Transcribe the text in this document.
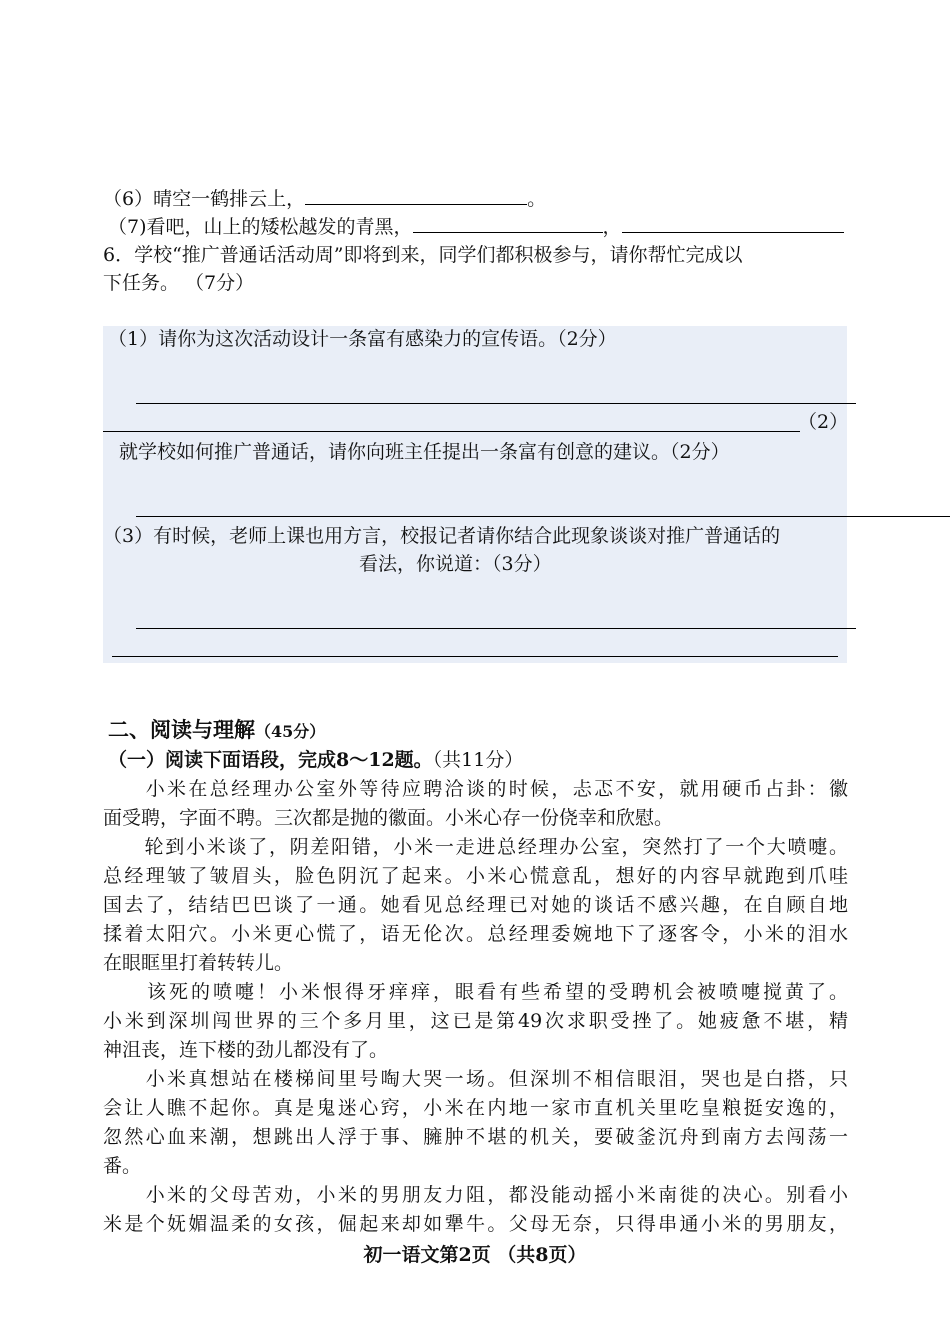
（6）晴空一鹤排云上，	。
（7)看吧，山上的矮松越发的青黑，	，
6．学校“推广普通话活动周”即将到来，同学们都积极参与，请你帮忙完成以
下任务。 （7分）
（1）请你为这次活动设计一条富有感染力的宣传语。（2分）
（2）
就学校如何推广普通话，请你向班主任提出一条富有创意的建议。（2分）
（3）有时候，老师上课也用方言，校报记者请你结合此现象谈谈对推广普通话的
看法，你说道：（3分）
二、阅读与理解（45分）
（一）阅读下面语段，完成8～12题。（共11分）
　　小米在总经理办公室外等待应聘洽谈的时候，忐忑不安，就用硬币占卦：徽
面受聘，字面不聘。三次都是抛的徽面。小米心存一份侥幸和欣慰。
　　轮到小米谈了，阴差阳错，小米一走进总经理办公室，突然打了一个大喷嚏。
总经理皱了皱眉头，脸色阴沉了起来。小米心慌意乱，想好的内容早就跑到爪哇
国去了，结结巴巴谈了一通。她看见总经理已对她的谈话不感兴趣，在自顾自地
揉着太阳穴。小米更心慌了，语无伦次。总经理委婉地下了逐客令，小米的泪水
在眼眶里打着转转儿。
　　该死的喷嚏！小米恨得牙痒痒，眼看有些希望的受聘机会被喷嚏搅黄了。
小米到深圳闯世界的三个多月里，这已是第49次求职受挫了。她疲惫不堪，精
神沮丧，连下楼的劲儿都没有了。
　　小米真想站在楼梯间里号啕大哭一场。但深圳不相信眼泪，哭也是白搭，只
会让人瞧不起你。真是鬼迷心窍，小米在内地一家市直机关里吃皇粮挺安逸的，
忽然心血来潮，想跳出人浮于事、臃肿不堪的机关，要破釜沉舟到南方去闯荡一
番。
　　小米的父母苦劝，小米的男朋友力阻，都没能动摇小米南徙的决心。别看小
米是个妩媚温柔的女孩，倔起来却如犟牛。父母无奈，只得串通小米的男朋友，
初一语文第2页 （共8页）
